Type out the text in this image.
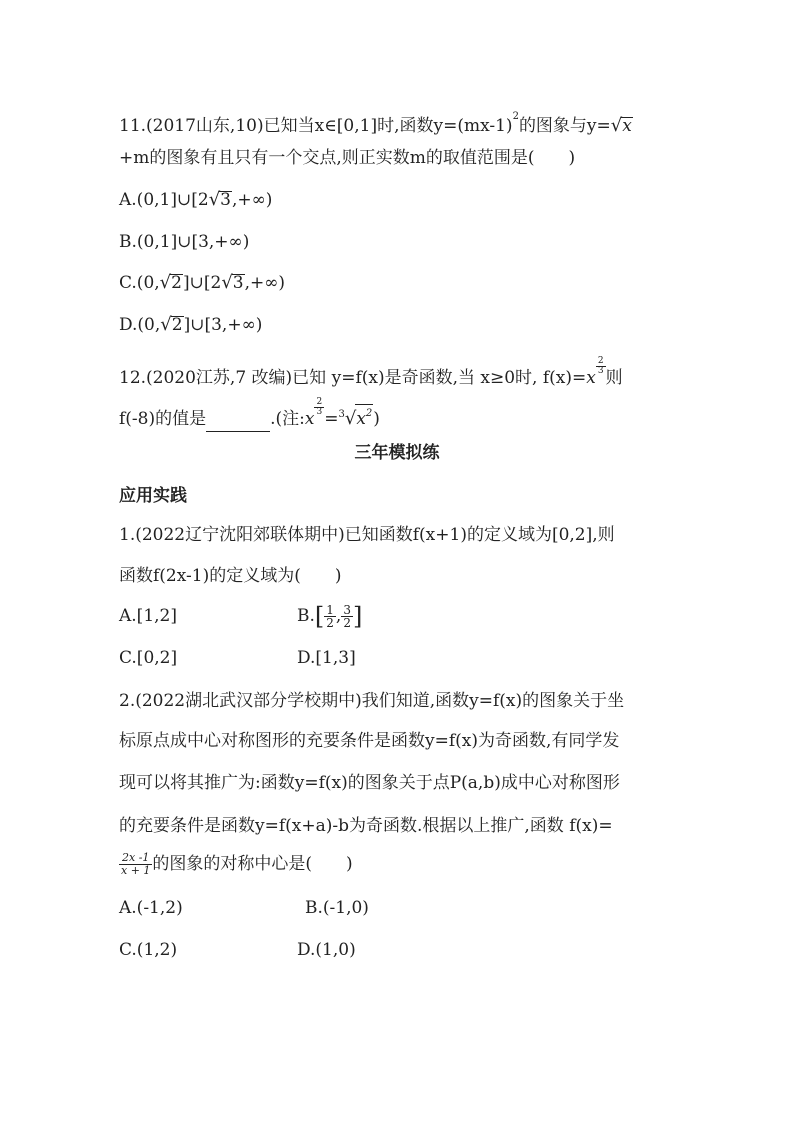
11.(2017山东,10)已知当x∈[0,1]时,函数$y=(mx-1)^2$的图象与y=√x
+m的图象有且只有一个交点,则正实数m的取值范围是(　　)
A.(0,1]∪[2√3,+∞)
B.(0,1]∪[3,+∞)
C.(0,√2]∪[2√3,+∞)
D.(0,√2]∪[3,+∞)
12.(2020江苏,7 改编)已知 y=f(x)是奇函数,当 x≥0时, f(x)=x
$\frac{2}{3}$
则
f(-8)的值是	.(注:x
$\frac{2}{3}$
$=^3√x^2$)
三年模拟练
应用实践
1.(2022辽宁沈阳郊联体期中)已知函数f(x+1)的定义域为[0,2],则
函数f(2x-1)的定义域为(　　)
A.[1,2]	$B.[ \frac{1}{2}$ , $\frac{3}{2}$ ]
C.[0,2]	D.[1,3]
2.(2022湖北武汉部分学校期中)我们知道,函数y=f(x)的图象关于坐
标原点成中心对称图形的充要条件是函数y=f(x)为奇函数,有同学发
现可以将其推广为:函数y=f(x)的图象关于点P(a,b)成中心对称图形
的充要条件是函数y=f(x+a)-b为奇函数.根据以上推广,函数 f(x)=
$\frac{2x -1}{x + 1}$ 的图象的对称中心是(　　)
A.(-1,2)	B.(-1,0)
C.(1,2)	D.(1,0)
